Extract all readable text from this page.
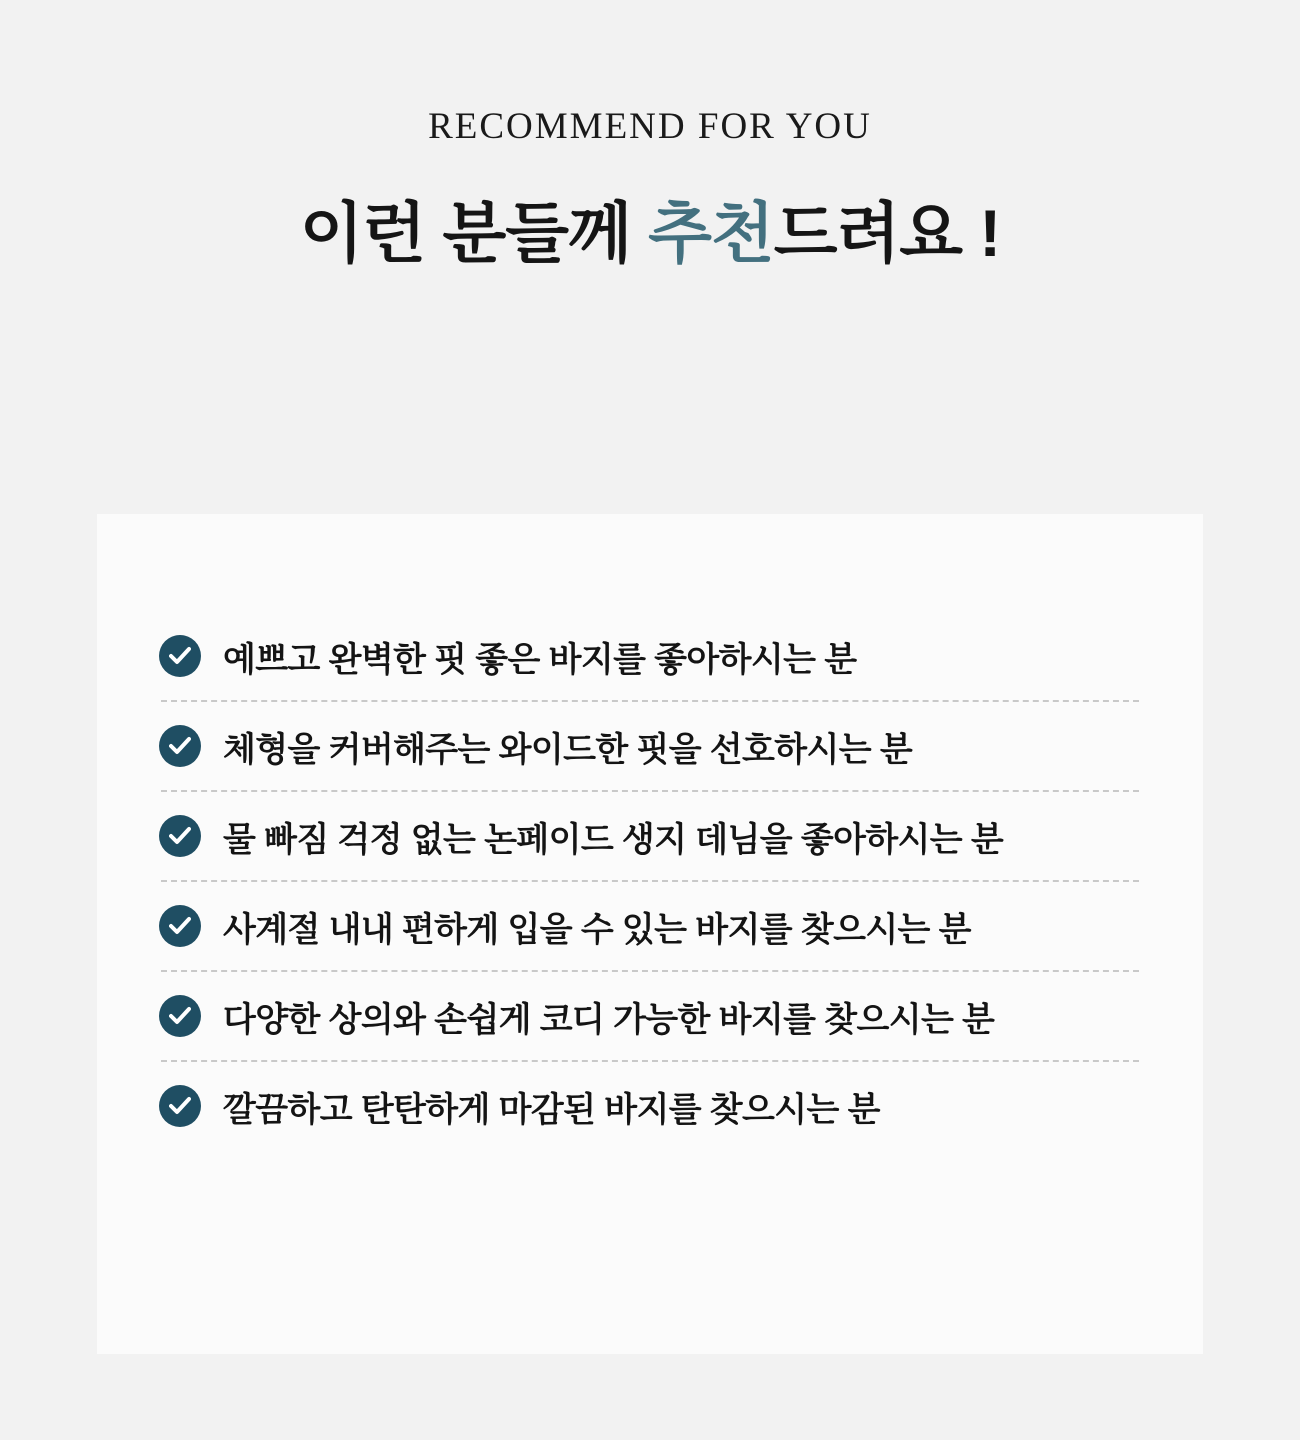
RECOMMEND FOR YOU
이런 분들께 추천드려요 !
예쁘고 완벽한 핏 좋은 바지를 좋아하시는 분
체형을 커버해주는 와이드한 핏을 선호하시는 분
물 빠짐 걱정 없는 논페이드 생지 데님을 좋아하시는 분
사계절 내내 편하게 입을 수 있는 바지를 찾으시는 분
다양한 상의와 손쉽게 코디 가능한 바지를 찾으시는 분
깔끔하고 탄탄하게 마감된 바지를 찾으시는 분
